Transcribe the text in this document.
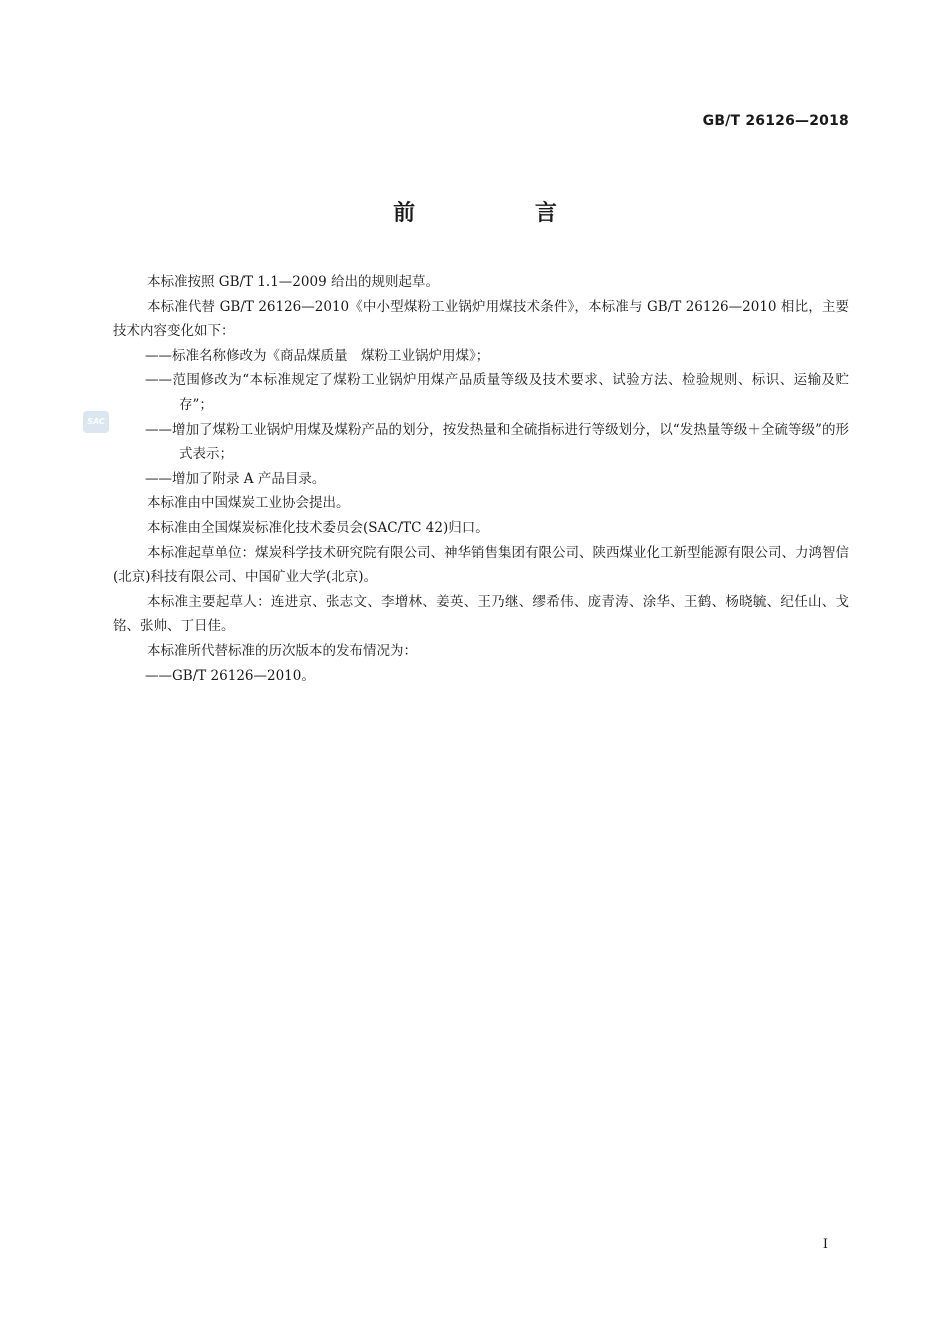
GB/T 26126—2018
前 言
SAC

本标准按照 GB/T 1.1—2009 给出的规则起草。

本标准代替 GB/T 26126—2010《中小型煤粉工业锅炉用煤技术条件》，本标准与 GB/T 26126—2010 相比，主要技术内容变化如下：

——标准名称修改为《商品煤质量　煤粉工业锅炉用煤》；

——范围修改为“本标准规定了煤粉工业锅炉用煤产品质量等级及技术要求、试验方法、检验规则、标识、运输及贮存”；

——增加了煤粉工业锅炉用煤及煤粉产品的划分，按发热量和全硫指标进行等级划分，以“发热量等级＋全硫等级”的形式表示；

——增加了附录 A 产品目录。

本标准由中国煤炭工业协会提出。

本标准由全国煤炭标准化技术委员会(SAC/TC 42)归口。

本标准起草单位：煤炭科学技术研究院有限公司、神华销售集团有限公司、陕西煤业化工新型能源有限公司、力鸿智信(北京)科技有限公司、中国矿业大学(北京)。

本标准主要起草人：连进京、张志文、李增林、姜英、王乃继、缪希伟、庞青涛、涂华、王鹤、杨晓毓、纪任山、戈铭、张帅、丁日佳。

本标准所代替标准的历次版本的发布情况为：

——GB/T 26126—2010。

I
